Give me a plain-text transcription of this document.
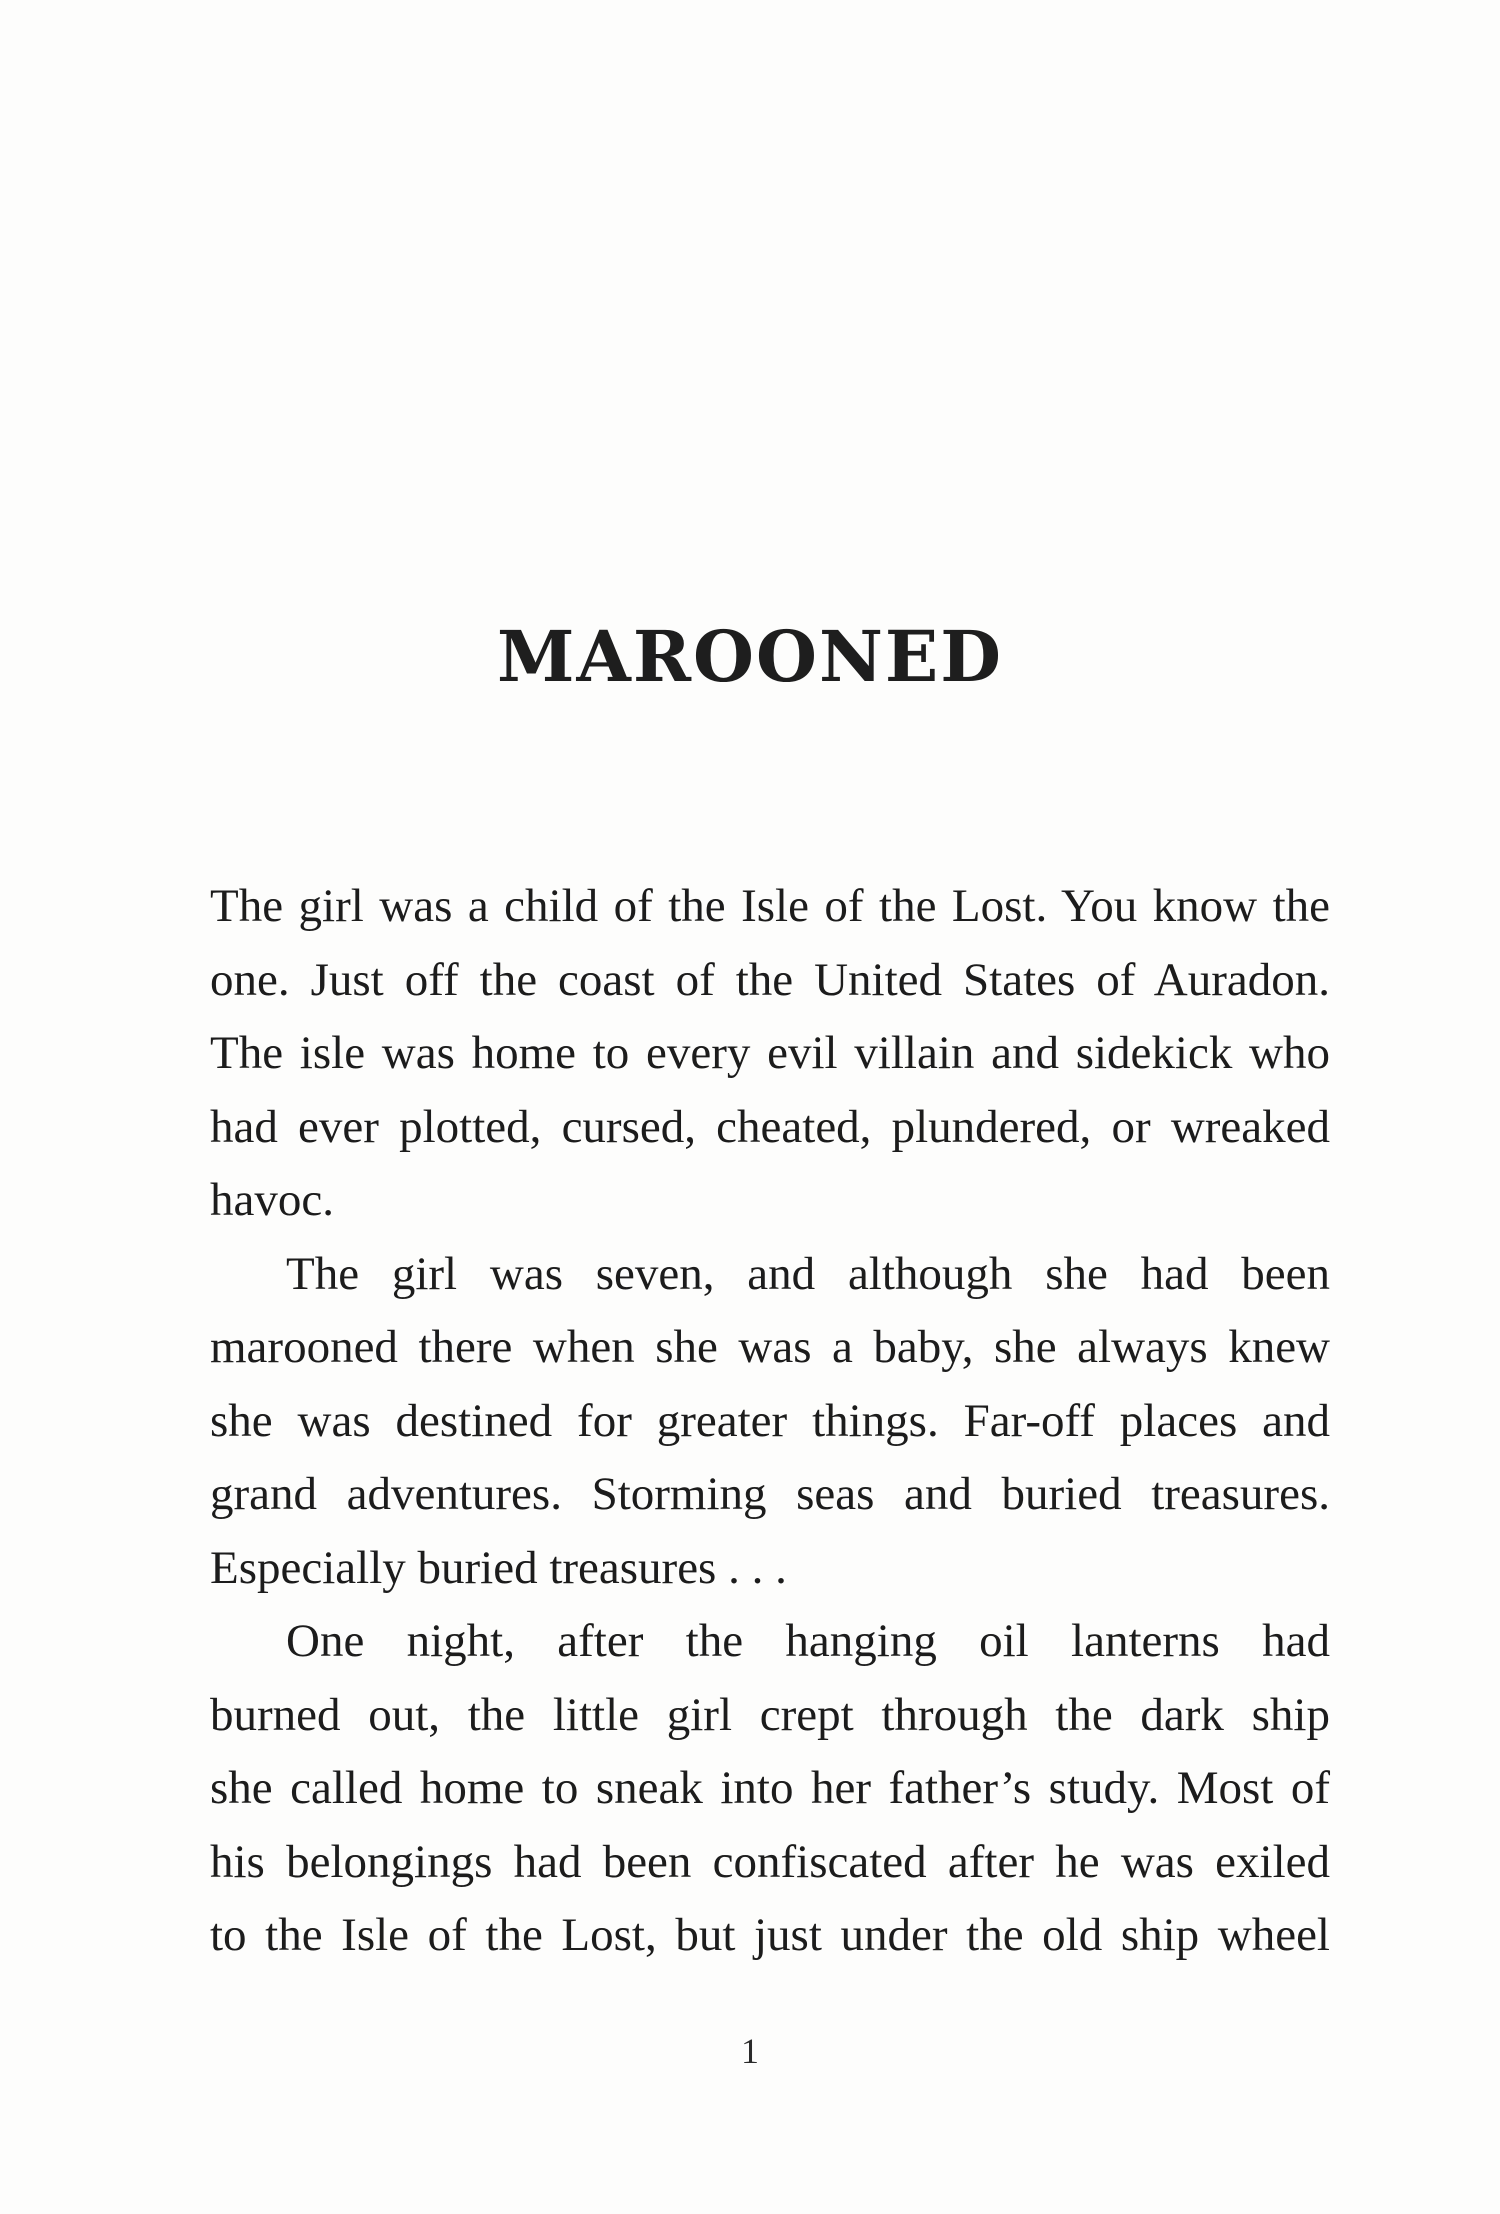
MAROONED
The girl was a child of the Isle of the Lost. You know the
one. Just off the coast of the United States of Auradon.
The isle was home to every evil villain and sidekick who
had ever plotted, cursed, cheated, plundered, or wreaked
havoc.
The girl was seven, and although she had been
marooned there when she was a baby, she always knew
she was destined for greater things. Far-off places and
grand adventures. Storming seas and buried treasures.
Especially buried treasures . . .
One night, after the hanging oil lanterns had
burned out, the little girl crept through the dark ship
she called home to sneak into her father’s study. Most of
his belongings had been confiscated after he was exiled
to the Isle of the Lost, but just under the old ship wheel
1
